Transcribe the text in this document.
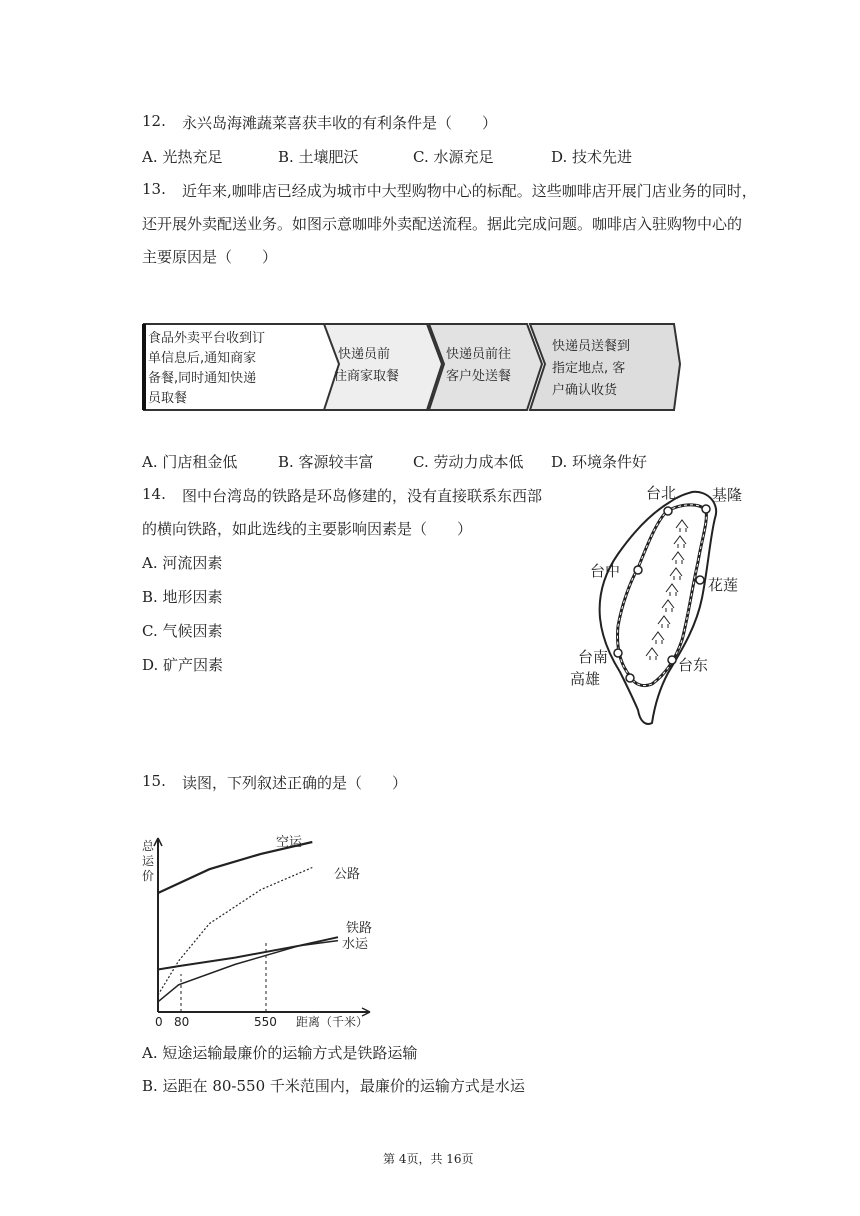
12. 永兴岛海滩蔬菜喜获丰收的有利条件是（　　）
A. 光热充足	B. 土壤肥沃	C. 水源充足	D. 技术先进
13. 近年来,咖啡店已经成为城市中大型购物中心的标配。这些咖啡店开展门店业务的同时，
还开展外卖配送业务。如图示意咖啡外卖配送流程。据此完成问题。咖啡店入驻购物中心的
主要原因是（　　）
食品外卖平台收到订
单信息后,通知商家
备餐,同时通知快递
员取餐
快递员前
往商家取餐
快递员前往
客户处送餐
快递员送餐到
指定地点, 客
户确认收货
A. 门店租金低	B. 客源较丰富	C. 劳动力成本低 D. 环境条件好
14. 图中台湾岛的铁路是环岛修建的，没有直接联系东西部
的横向铁路，如此选线的主要影响因素是（　　）
A. 河流因素
B. 地形因素
C. 气候因素
D. 矿产因素
台北 基隆
台中
花莲
台南	台东
高雄
15. 读图，下列叙述正确的是（　　）
总
运
价
0 80	550 距离（千米）
空运
公路
铁路
水运
A. 短途运输最廉价的运输方式是铁路运输
B. 运距在 80-550 千米范围内，最廉价的运输方式是水运
第 4页，共 16页
